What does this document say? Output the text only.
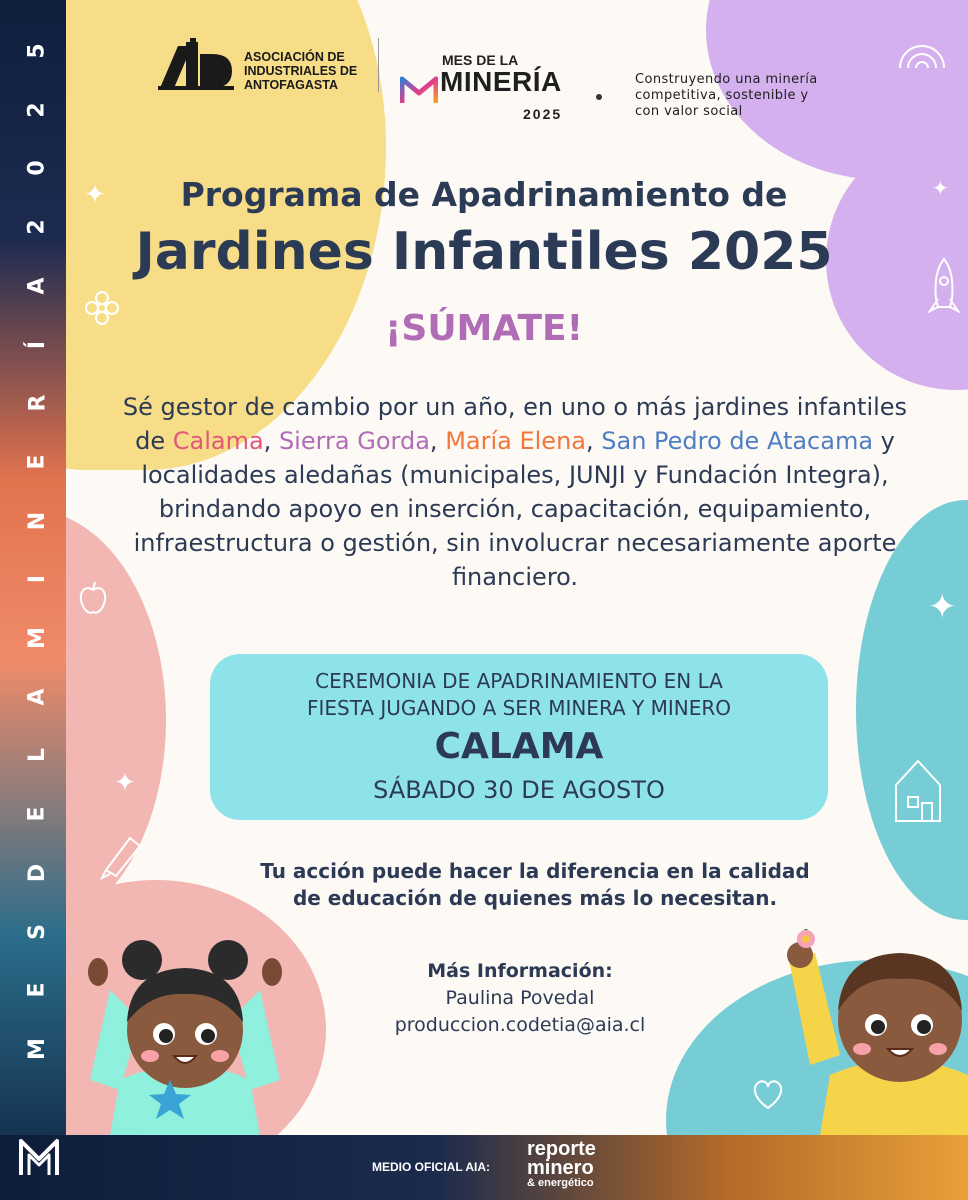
5
2
0
2
A
Í
R
E
N
I
M
A
L
E
D
S
E
M
ASOCIACIÓN DE
INDUSTRIALES DE
ANTOFAGASTA
MES DE LA
MINERÍA
2025
Construyendo una minería
competitiva, sostenible y
con valor social
✦	✦
✦
✦
Programa de Apadrinamiento de
Jardines Infantiles 2025
¡SÚMATE!
Sé gestor de cambio por un año, en uno o más jardines infantiles de Calama, Sierra Gorda, María Elena, San Pedro de Atacama y localidades aledañas (municipales, JUNJI y Fundación Integra), brindando apoyo en inserción, capacitación, equipamiento, infraestructura o gestión, sin involucrar necesariamente aporte financiero.
CEREMONIA DE APADRINAMIENTO EN LA
FIESTA JUGANDO A SER MINERA Y MINERO
CALAMA
SÁBADO 30 DE AGOSTO
Tu acción puede hacer la diferencia en la calidad
de educación de quienes más lo necesitan.
Más Información:
Paulina Povedal
produccion.codetia@aia.cl
MEDIO OFICIAL AIA:
reporte
minero
& energético
